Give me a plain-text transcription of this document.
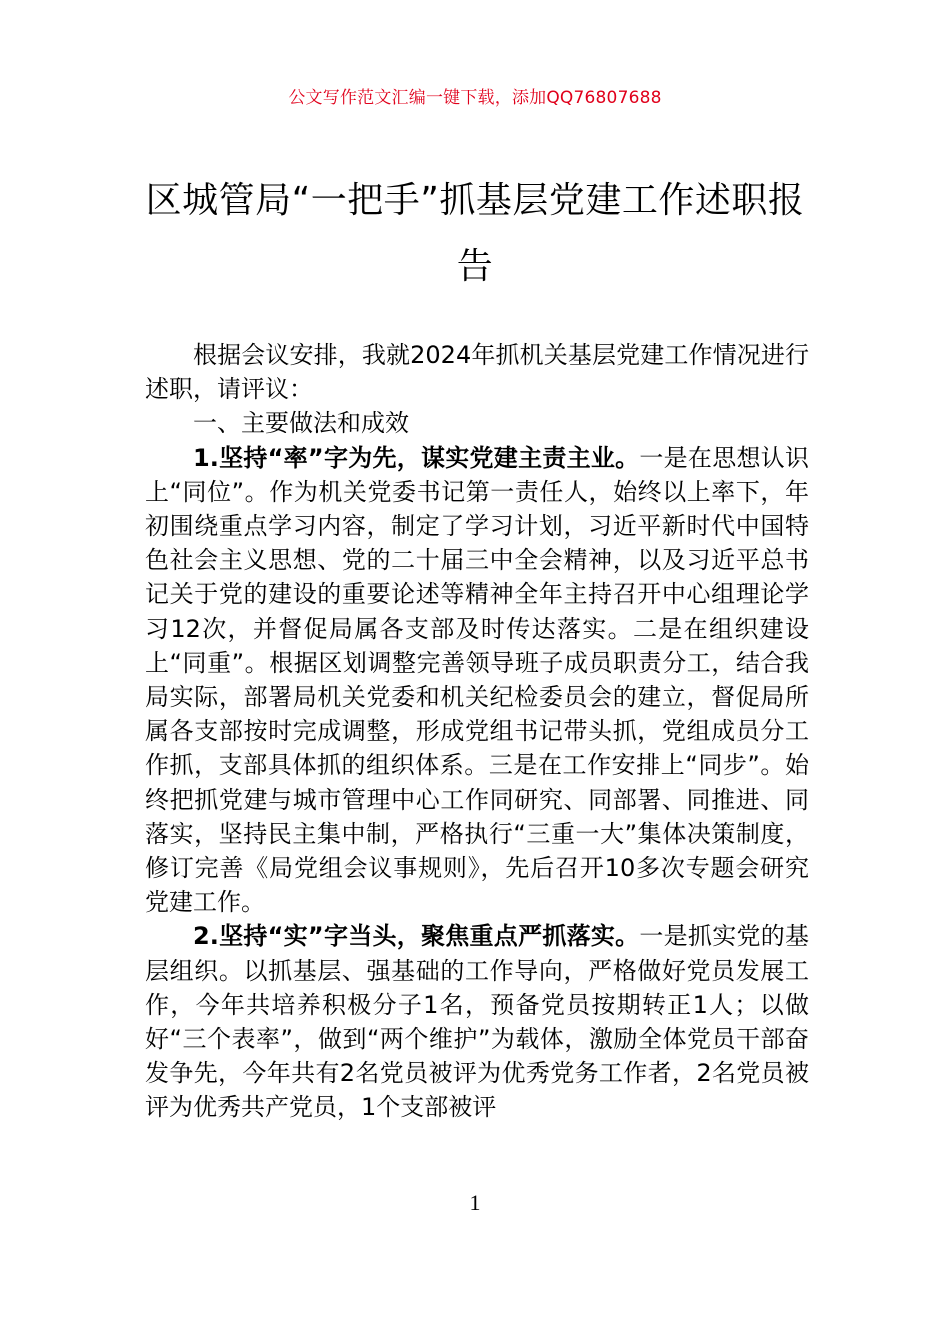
公文写作范文汇编一键下载，添加QQ76807688
区城管局“一把手”抓基层党建工作述职报告

根据会议安排，我就2024年抓机关基层党建工作情况进行述职，请评议：

一、主要做法和成效

1.坚持“率”字为先，谋实党建主责主业。一是在思想认识上“同位”。作为机关党委书记第一责任人，始终以上率下，年初围绕重点学习内容，制定了学习计划，习近平新时代中国特色社会主义思想、党的二十届三中全会精神，以及习近平总书记关于党的建设的重要论述等精神全年主持召开中心组理论学习12次，并督促局属各支部及时传达落实。二是在组织建设上“同重”。根据区划调整完善领导班子成员职责分工，结合我局实际，部署局机关党委和机关纪检委员会的建立，督促局所属各支部按时完成调整，形成党组书记带头抓，党组成员分工作抓，支部具体抓的组织体系。三是在工作安排上“同步”。始终把抓党建与城市管理中心工作同研究、同部署、同推进、同落实，坚持民主集中制，严格执行“三重一大”集体决策制度，修订完善《局党组会议事规则》，先后召开10多次专题会研究党建工作。

2.坚持“实”字当头，聚焦重点严抓落实。一是抓实党的基层组织。以抓基层、强基础的工作导向，严格做好党员发展工作，今年共培养积极分子1名，预备党员按期转正1人；以做好“三个表率”，做到“两个维护”为载体，激励全体党员干部奋发争先，今年共有2名党员被评为优秀党务工作者，2名党员被评为优秀共产党员，1个支部被评

1
